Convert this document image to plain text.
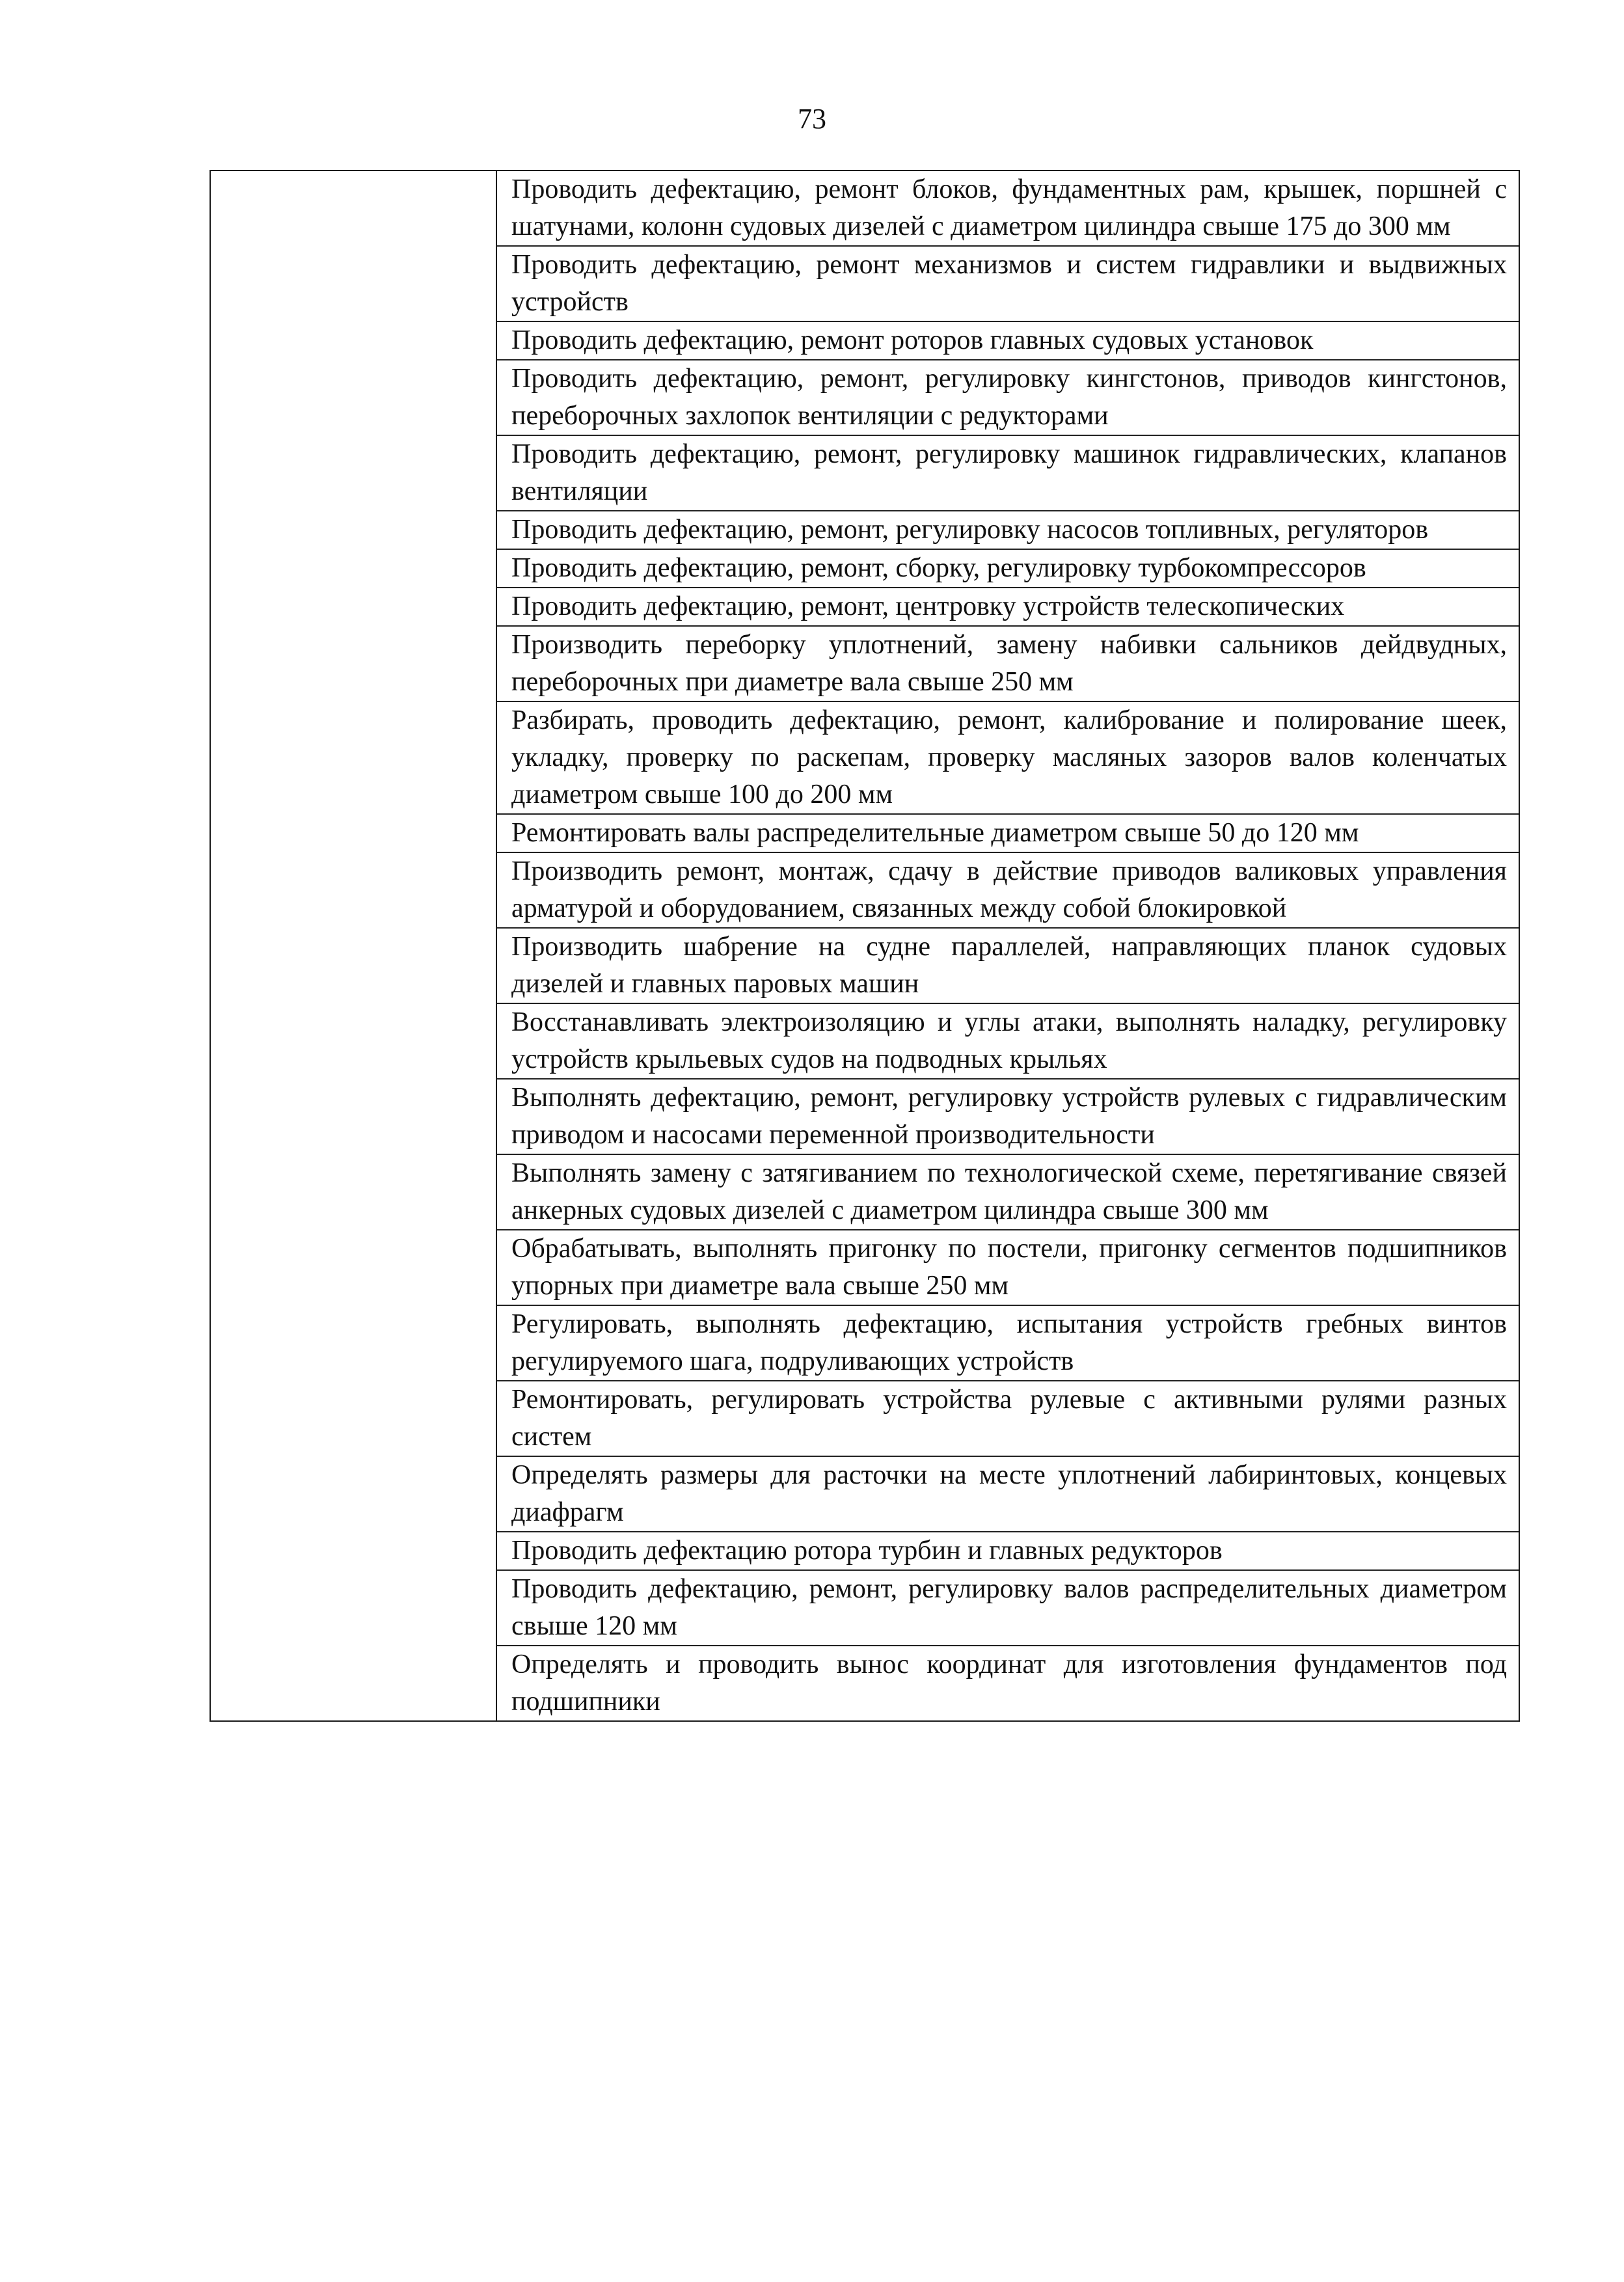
73

Проводить дефектацию, ремонт блоков, фундаментных рам, крышек, поршней с шатунами, колонн судовых дизелей с диаметром цилиндра свыше 175 до 300 мм
Проводить дефектацию, ремонт механизмов и систем гидравлики и выдвижных устройств
Проводить дефектацию, ремонт роторов главных судовых установок
Проводить дефектацию, ремонт, регулировку кингстонов, приводов кингстонов, переборочных захлопок вентиляции с редукторами
Проводить дефектацию, ремонт, регулировку машинок гидравлических, клапанов вентиляции
Проводить дефектацию, ремонт, регулировку насосов топливных, регуляторов
Проводить дефектацию, ремонт, сборку, регулировку турбокомпрессоров
Проводить дефектацию, ремонт, центровку устройств телескопических
Производить переборку уплотнений, замену набивки сальников дейдвудных, переборочных при диаметре вала свыше 250 мм
Разбирать, проводить дефектацию, ремонт, калибрование и полирование шеек, укладку, проверку по раскепам, проверку масляных зазоров валов коленчатых диаметром свыше 100 до 200 мм
Ремонтировать валы распределительные диаметром свыше 50 до 120 мм
Производить ремонт, монтаж, сдачу в действие приводов валиковых управления арматурой и оборудованием, связанных между собой блокировкой
Производить шабрение на судне параллелей, направляющих планок судовых дизелей и главных паровых машин
Восстанавливать электроизоляцию и углы атаки, выполнять наладку, регулировку устройств крыльевых судов на подводных крыльях
Выполнять дефектацию, ремонт, регулировку устройств рулевых с гидравлическим приводом и насосами переменной производительности
Выполнять замену с затягиванием по технологической схеме, перетягивание связей анкерных судовых дизелей с диаметром цилиндра свыше 300 мм
Обрабатывать, выполнять пригонку по постели, пригонку сегментов подшипников упорных при диаметре вала свыше 250 мм
Регулировать, выполнять дефектацию, испытания устройств гребных винтов регулируемого шага, подруливающих устройств
Ремонтировать, регулировать устройства рулевые с активными рулями разных систем
Определять размеры для расточки на месте уплотнений лабиринтовых, концевых диафрагм
Проводить дефектацию ротора турбин и главных редукторов
Проводить дефектацию, ремонт, регулировку валов распределительных диаметром свыше 120 мм
Определять и проводить вынос координат для изготовления фундаментов под подшипники
